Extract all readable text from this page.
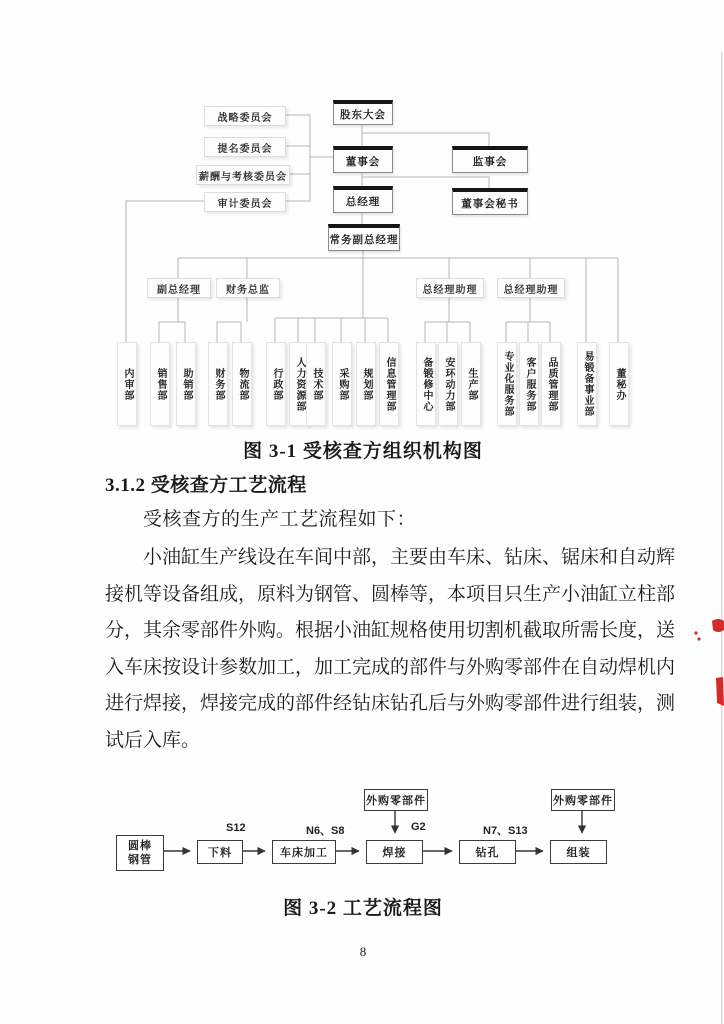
股东大会
董事会	监事会
总经理	董事会秘书
常务副总经理
战略委员会
提名委员会
薪酬与考核委员会
审计委员会
副总经理	财务总监	总经理助理	总经理助理
内审部	销售部	助销部	财务部	物流部	行政部	人力资源部 技术部	采购部	规划部	信息管理部	备锻修中心	安环动力部	生产部	专业化服务部	客户服务部	品质管理部	易锻备事业部	董秘办
图 3-1 受核查方组织机构图
3.1.2 受核查方工艺流程
受核查方的生产工艺流程如下：
小油缸生产线设在车间中部，主要由车床、钻床、锯床和自动辉
接机等设备组成，原料为钢管、圆棒等，本项目只生产小油缸立柱部
分，其余零部件外购。根据小油缸规格使用切割机截取所需长度，送
入车床按设计参数加工，加工完成的部件与外购零部件在自动焊机内
进行焊接，焊接完成的部件经钻床钻孔后与外购零部件进行组装，测
试后入库。
圆棒
钢管
下料	车床加工	焊接	钻孔	组装
外购零部件	外购零部件
S12	N6、S8	G2	N7、S13
图 3-2 工艺流程图
8
